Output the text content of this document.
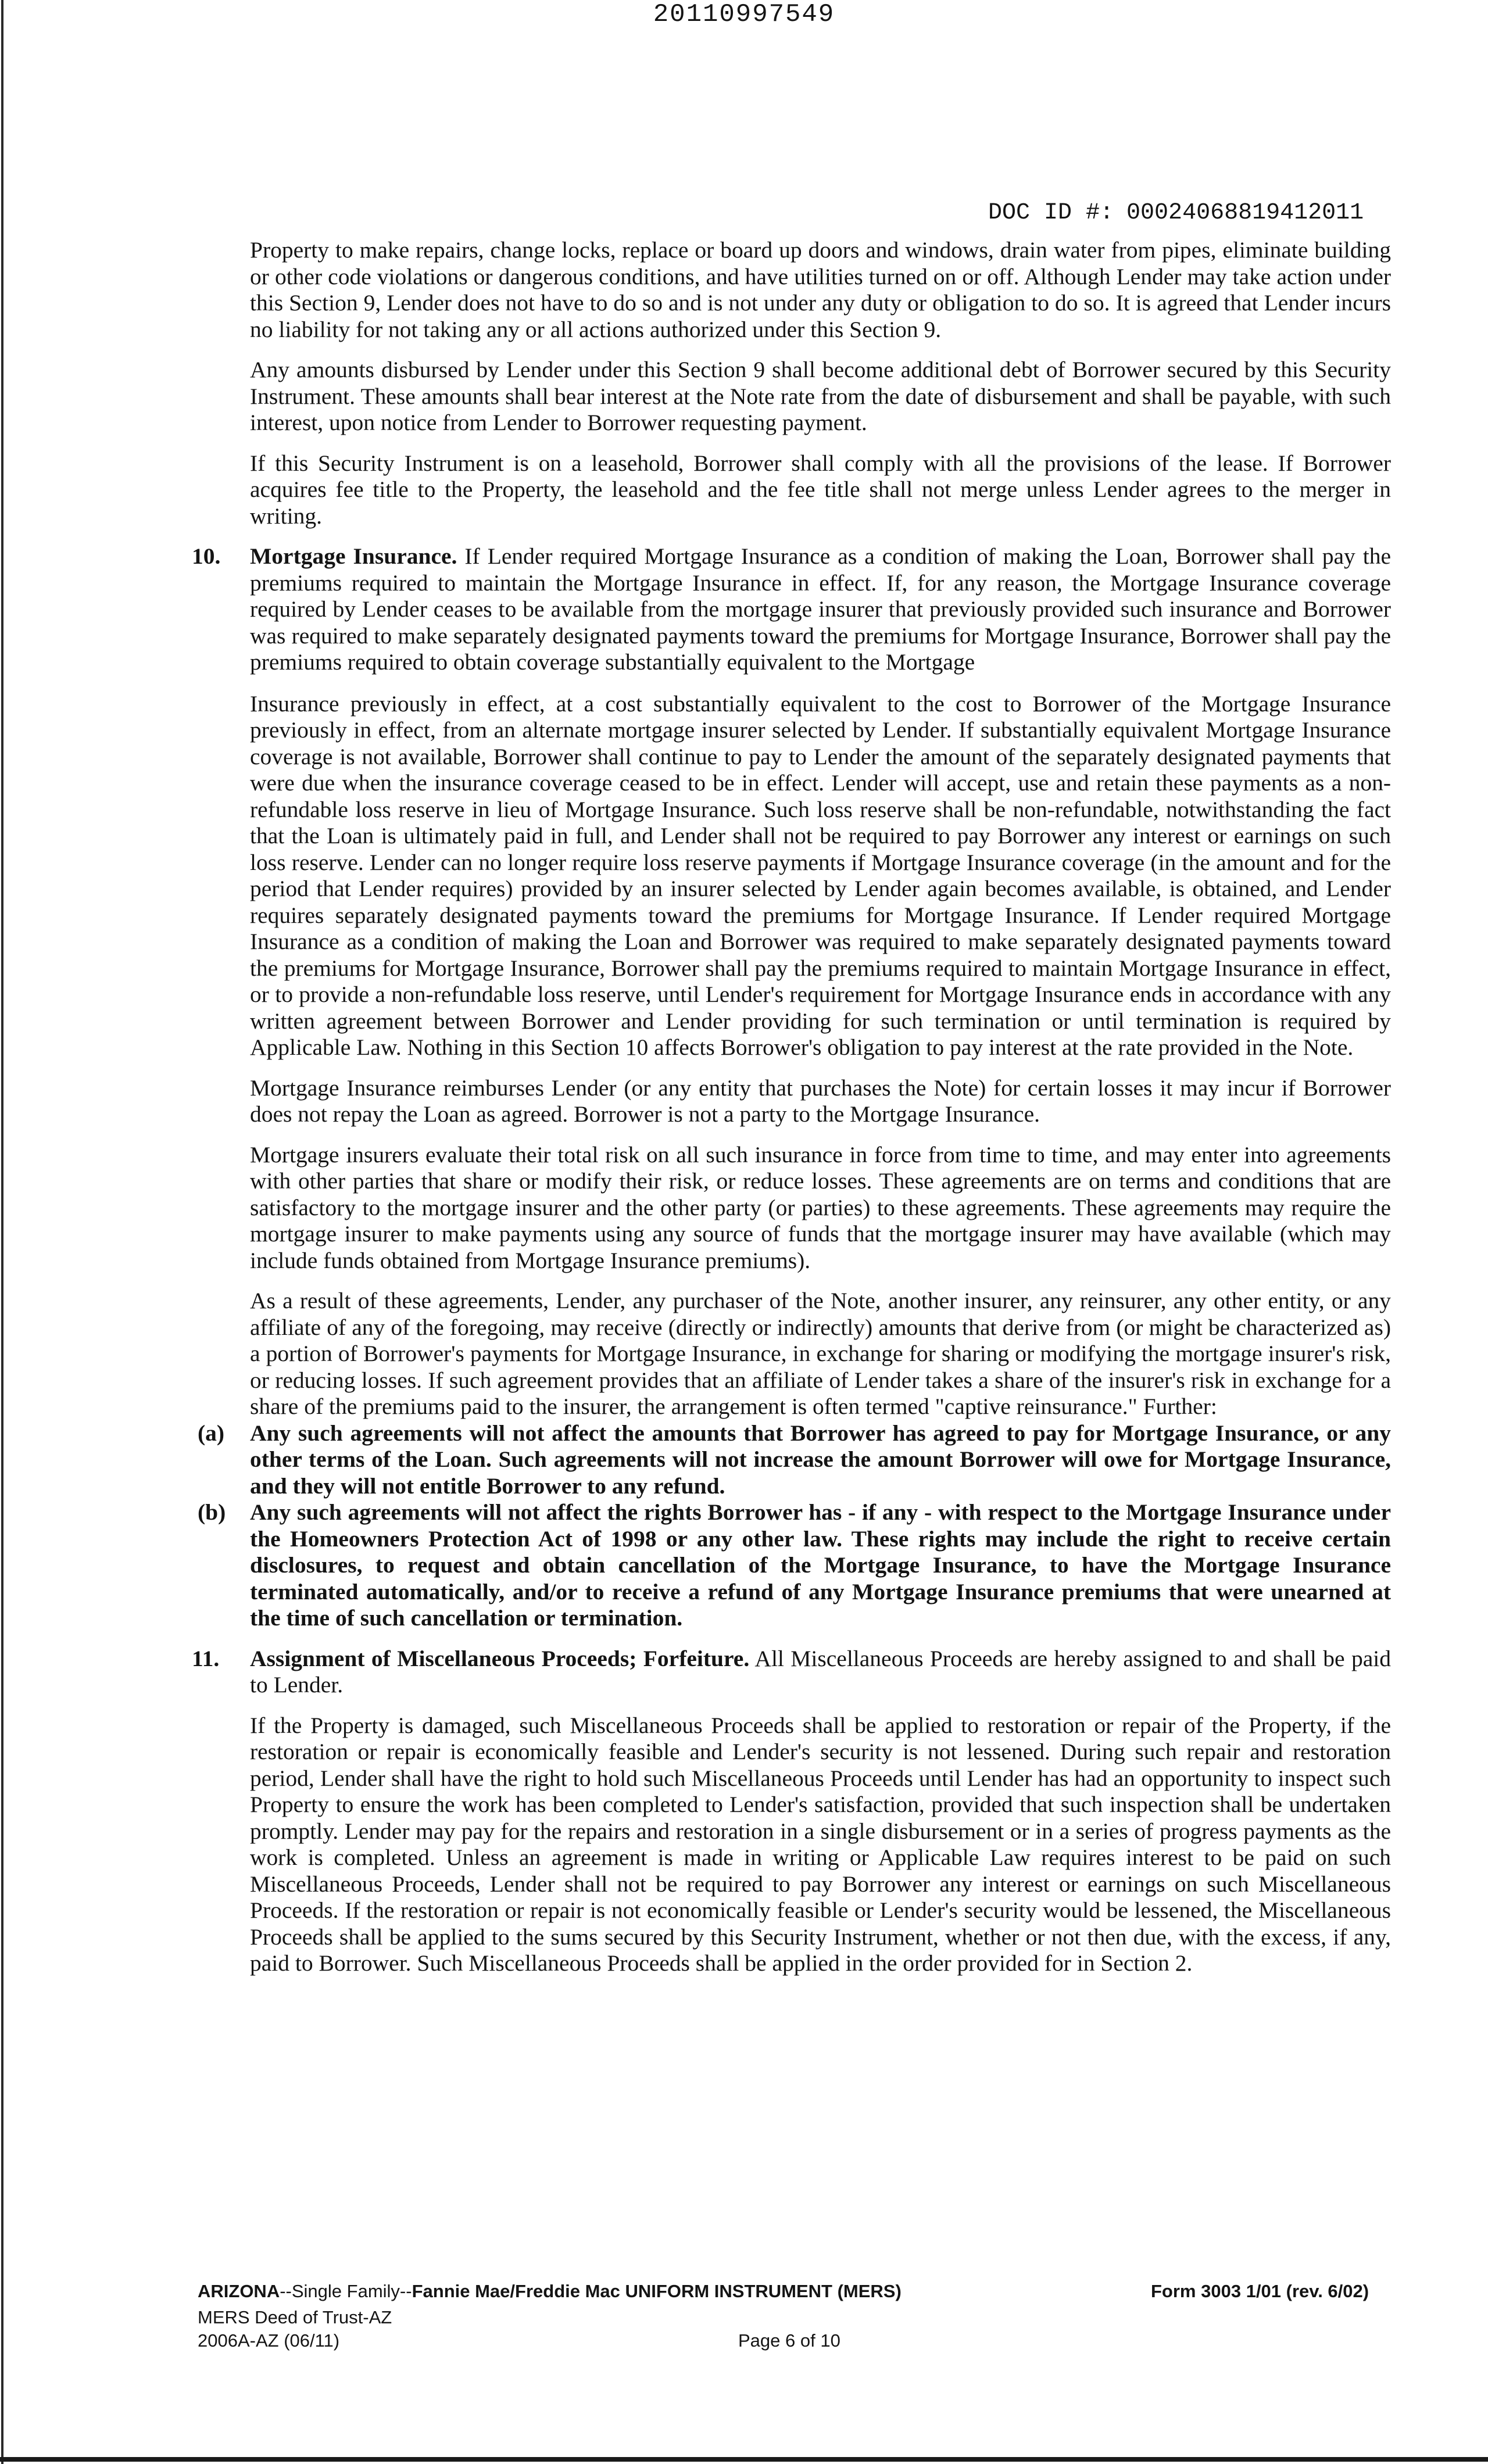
20110997549
DOC ID #: 00024068819412011

Property to make repairs, change locks, replace or board up doors and windows, drain water from pipes, eliminate building or other code violations or dangerous conditions, and have utilities turned on or off. Although Lender may take action under this Section 9, Lender does not have to do so and is not under any duty or obligation to do so. It is agreed that Lender incurs no liability for not taking any or all actions authorized under this Section 9.

Any amounts disbursed by Lender under this Section 9 shall become additional debt of Borrower secured by this Security Instrument. These amounts shall bear interest at the Note rate from the date of disbursement and shall be payable, with such interest, upon notice from Lender to Borrower requesting payment.

If this Security Instrument is on a leasehold, Borrower shall comply with all the provisions of the lease. If Borrower acquires fee title to the Property, the leasehold and the fee title shall not merge unless Lender agrees to the merger in writing.

10. Mortgage Insurance. If Lender required Mortgage Insurance as a condition of making the Loan, Borrower shall pay the premiums required to maintain the Mortgage Insurance in effect. If, for any reason, the Mortgage Insurance coverage required by Lender ceases to be available from the mortgage insurer that previously provided such insurance and Borrower was required to make separately designated payments toward the premiums for Mortgage Insurance, Borrower shall pay the premiums required to obtain coverage substantially equivalent to the Mortgage

Insurance previously in effect, at a cost substantially equivalent to the cost to Borrower of the Mortgage Insurance previously in effect, from an alternate mortgage insurer selected by Lender. If substantially equivalent Mortgage Insurance coverage is not available, Borrower shall continue to pay to Lender the amount of the separately designated payments that were due when the insurance coverage ceased to be in effect. Lender will accept, use and retain these payments as a non-refundable loss reserve in lieu of Mortgage Insurance. Such loss reserve shall be non-refundable, notwithstanding the fact that the Loan is ultimately paid in full, and Lender shall not be required to pay Borrower any interest or earnings on such loss reserve. Lender can no longer require loss reserve payments if Mortgage Insurance coverage (in the amount and for the period that Lender requires) provided by an insurer selected by Lender again becomes available, is obtained, and Lender requires separately designated payments toward the premiums for Mortgage Insurance. If Lender required Mortgage Insurance as a condition of making the Loan and Borrower was required to make separately designated payments toward the premiums for Mortgage Insurance, Borrower shall pay the premiums required to maintain Mortgage Insurance in effect, or to provide a non-refundable loss reserve, until Lender's requirement for Mortgage Insurance ends in accordance with any written agreement between Borrower and Lender providing for such termination or until termination is required by Applicable Law. Nothing in this Section 10 affects Borrower's obligation to pay interest at the rate provided in the Note.

Mortgage Insurance reimburses Lender (or any entity that purchases the Note) for certain losses it may incur if Borrower does not repay the Loan as agreed. Borrower is not a party to the Mortgage Insurance.

Mortgage insurers evaluate their total risk on all such insurance in force from time to time, and may enter into agreements with other parties that share or modify their risk, or reduce losses. These agreements are on terms and conditions that are satisfactory to the mortgage insurer and the other party (or parties) to these agreements. These agreements may require the mortgage insurer to make payments using any source of funds that the mortgage insurer may have available (which may include funds obtained from Mortgage Insurance premiums).

As a result of these agreements, Lender, any purchaser of the Note, another insurer, any reinsurer, any other entity, or any affiliate of any of the foregoing, may receive (directly or indirectly) amounts that derive from (or might be characterized as) a portion of Borrower's payments for Mortgage Insurance, in exchange for sharing or modifying the mortgage insurer's risk, or reducing losses. If such agreement provides that an affiliate of Lender takes a share of the insurer's risk in exchange for a share of the premiums paid to the insurer, the arrangement is often termed "captive reinsurance." Further:

(a) Any such agreements will not affect the amounts that Borrower has agreed to pay for Mortgage Insurance, or any other terms of the Loan. Such agreements will not increase the amount Borrower will owe for Mortgage Insurance, and they will not entitle Borrower to any refund.
(b) Any such agreements will not affect the rights Borrower has - if any - with respect to the Mortgage Insurance under the Homeowners Protection Act of 1998 or any other law. These rights may include the right to receive certain disclosures, to request and obtain cancellation of the Mortgage Insurance, to have the Mortgage Insurance terminated automatically, and/or to receive a refund of any Mortgage Insurance premiums that were unearned at the time of such cancellation or termination.
11. Assignment of Miscellaneous Proceeds; Forfeiture. All Miscellaneous Proceeds are hereby assigned to and shall be paid to Lender.

If the Property is damaged, such Miscellaneous Proceeds shall be applied to restoration or repair of the Property, if the restoration or repair is economically feasible and Lender's security is not lessened. During such repair and restoration period, Lender shall have the right to hold such Miscellaneous Proceeds until Lender has had an opportunity to inspect such Property to ensure the work has been completed to Lender's satisfaction, provided that such inspection shall be undertaken promptly. Lender may pay for the repairs and restoration in a single disbursement or in a series of progress payments as the work is completed. Unless an agreement is made in writing or Applicable Law requires interest to be paid on such Miscellaneous Proceeds, Lender shall not be required to pay Borrower any interest or earnings on such Miscellaneous Proceeds. If the restoration or repair is not economically feasible or Lender's security would be lessened, the Miscellaneous Proceeds shall be applied to the sums secured by this Security Instrument, whether or not then due, with the excess, if any, paid to Borrower. Such Miscellaneous Proceeds shall be applied in the order provided for in Section 2.

ARIZONA--Single Family--Fannie Mae/Freddie Mac UNIFORM INSTRUMENT (MERS)	Form 3003 1/01 (rev. 6/02)
MERS Deed of Trust-AZ
2006A-AZ (06/11)	Page 6 of 10
